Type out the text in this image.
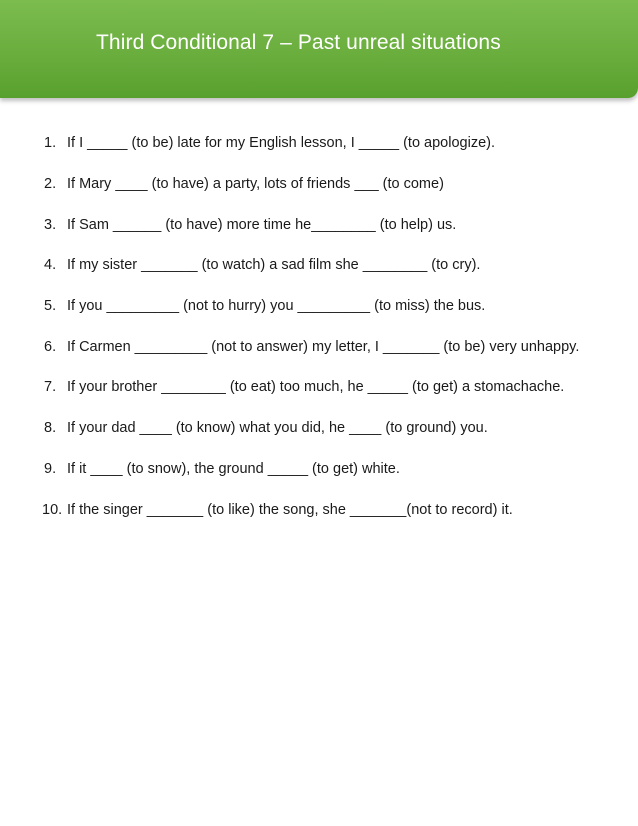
Third Conditional 7 – Past unreal situations
1. If I _____ (to be) late for my English lesson, I _____ (to apologize).
2. If Mary ____ (to have) a party, lots of friends ___ (to come)
3. If Sam ______ (to have) more time he________ (to help) us.
4. If my sister _______ (to watch) a sad film she ________ (to cry).
5. If you _________ (not to hurry) you _________ (to miss) the bus.
6. If Carmen _________ (not to answer) my letter, I _______ (to be) very unhappy.
7. If your brother ________ (to eat) too much, he _____ (to get) a stomachache.
8. If your dad ____ (to know) what you did, he ____ (to ground) you.
9. If it ____ (to snow), the ground _____ (to get) white.
10. If the singer _______ (to like) the song, she _______(not to record) it.
